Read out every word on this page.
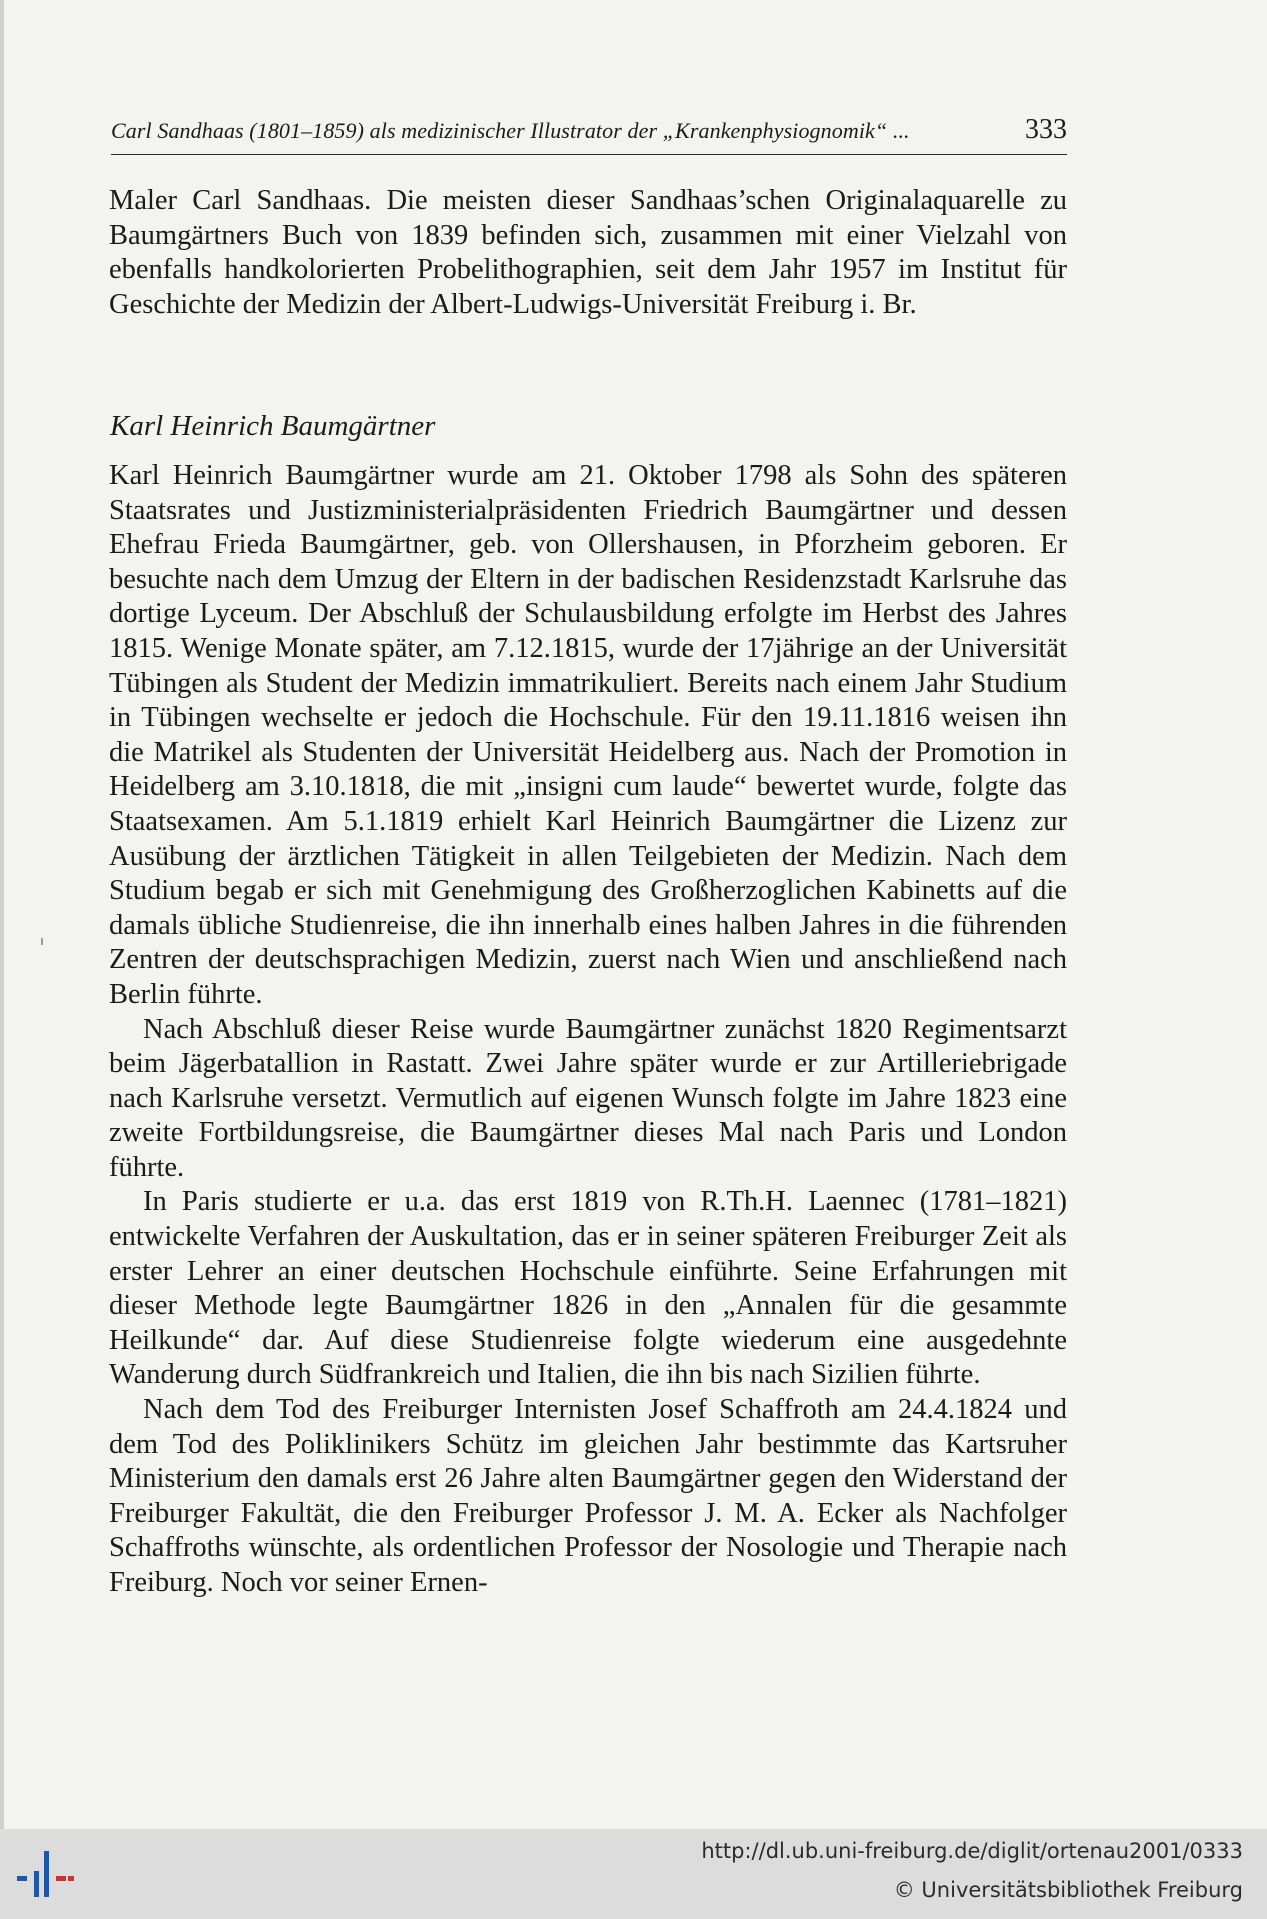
Carl Sandhaas (1801–1859) als medizinischer Illustrator der „Krankenphysiognomik“ ...	333

Maler Carl Sandhaas. Die meisten dieser Sandhaas’schen Originalaquarelle zu Baumgärtners Buch von 1839 befinden sich, zusammen mit einer Vielzahl von ebenfalls handkolorierten Probelithographien, seit dem Jahr 1957 im Institut für Geschichte der Medizin der Albert-Ludwigs-Universität Freiburg i. Br.

Karl Heinrich Baumgärtner

Karl Heinrich Baumgärtner wurde am 21. Oktober 1798 als Sohn des späteren Staatsrates und Justizministerialpräsidenten Friedrich Baumgärtner und dessen Ehefrau Frieda Baumgärtner, geb. von Ollershausen, in Pforzheim geboren. Er besuchte nach dem Umzug der Eltern in der badischen Residenzstadt Karlsruhe das dortige Lyceum. Der Abschluß der Schulausbildung erfolgte im Herbst des Jahres 1815. Wenige Monate später, am 7.12.1815, wurde der 17jährige an der Universität Tübingen als Student der Medizin immatrikuliert. Bereits nach einem Jahr Studium in Tübingen wechselte er jedoch die Hochschule. Für den 19.11.1816 weisen ihn die Matrikel als Studenten der Universität Heidelberg aus. Nach der Promotion in Heidelberg am 3.10.1818, die mit „insigni cum laude“ bewertet wurde, folgte das Staatsexamen. Am 5.1.1819 erhielt Karl Heinrich Baumgärtner die Lizenz zur Ausübung der ärztlichen Tätigkeit in allen Teilgebieten der Medizin. Nach dem Studium begab er sich mit Genehmigung des Großherzoglichen Kabinetts auf die damals übliche Studienreise, die ihn innerhalb eines halben Jahres in die führenden Zentren der deutschsprachigen Medizin, zuerst nach Wien und anschließend nach Berlin führte.

Nach Abschluß dieser Reise wurde Baumgärtner zunächst 1820 Regimentsarzt beim Jägerbatallion in Rastatt. Zwei Jahre später wurde er zur Artilleriebrigade nach Karlsruhe versetzt. Vermutlich auf eigenen Wunsch folgte im Jahre 1823 eine zweite Fortbildungsreise, die Baumgärtner dieses Mal nach Paris und London führte.

In Paris studierte er u.a. das erst 1819 von R.Th.H. Laennec (1781–1821) entwickelte Verfahren der Auskultation, das er in seiner späteren Freiburger Zeit als erster Lehrer an einer deutschen Hochschule einführte. Seine Erfahrungen mit dieser Methode legte Baumgärtner 1826 in den „Annalen für die gesammte Heilkunde“ dar. Auf diese Studienreise folgte wiederum eine ausgedehnte Wanderung durch Südfrankreich und Italien, die ihn bis nach Sizilien führte.

Nach dem Tod des Freiburger Internisten Josef Schaffroth am 24.4.1824 und dem Tod des Poliklinikers Schütz im gleichen Jahr bestimmte das Kartsruher Ministerium den damals erst 26 Jahre alten Baumgärtner gegen den Widerstand der Freiburger Fakultät, die den Freiburger Professor J. M. A. Ecker als Nachfolger Schaffroths wünschte, als ordentlichen Professor der Nosologie und Therapie nach Freiburg. Noch vor seiner Ernen-

http://dl.ub.uni-freiburg.de/diglit/ortenau2001/0333
© Universitätsbibliothek Freiburg
